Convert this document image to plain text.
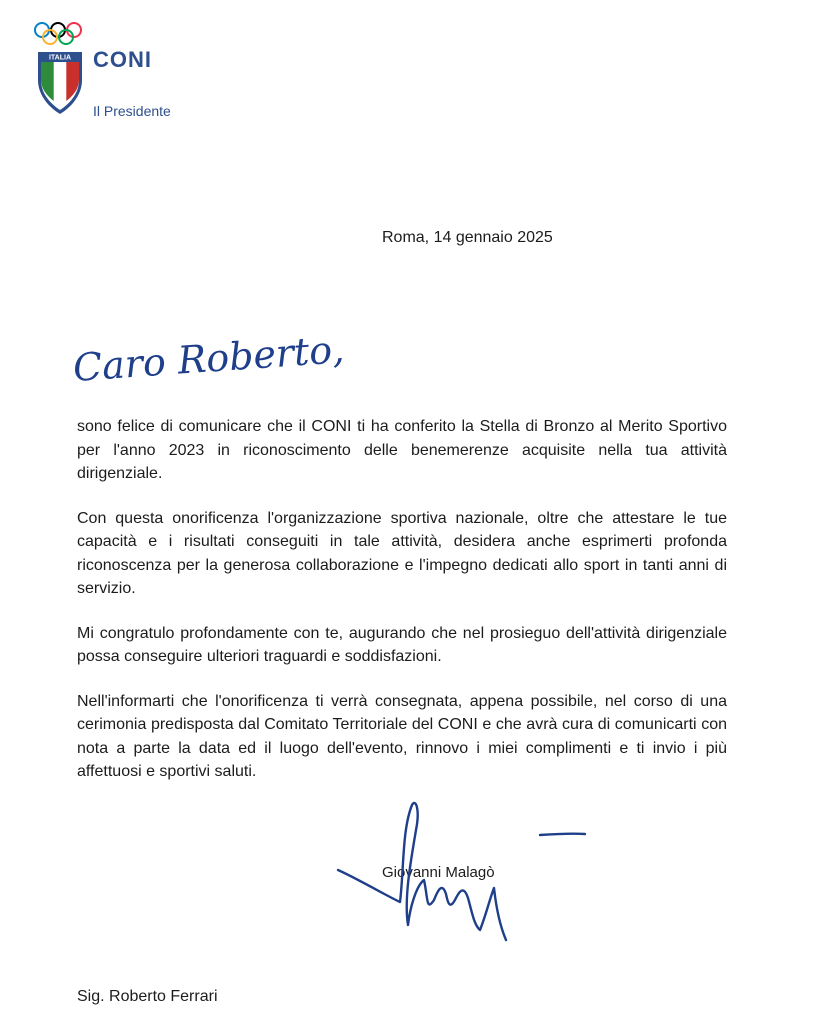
ITALIA CONI
Il Presidente
Roma, 14 gennaio 2025
Caro Roberto,

sono felice di comunicare che il CONI ti ha conferito la Stella di Bronzo al Merito Sportivo per l'anno 2023 in riconoscimento delle benemerenze acquisite nella tua attività dirigenziale.

Con questa onorificenza l'organizzazione sportiva nazionale, oltre che attestare le tue capacità e i risultati conseguiti in tale attività, desidera anche esprimerti profonda riconoscenza per la generosa collaborazione e l'impegno dedicati allo sport in tanti anni di servizio.

Mi congratulo profondamente con te, augurando che nel prosieguo dell'attività dirigenziale possa conseguire ulteriori traguardi e soddisfazioni.

Nell'informarti che l'onorificenza ti verrà consegnata, appena possibile, nel corso di una cerimonia predisposta dal Comitato Territoriale del CONI e che avrà cura di comunicarti con nota a parte la data ed il luogo dell'evento, rinnovo i miei complimenti e ti invio i più affettuosi e sportivi saluti.

Giovanni Malagò
Sig. Roberto Ferrari
